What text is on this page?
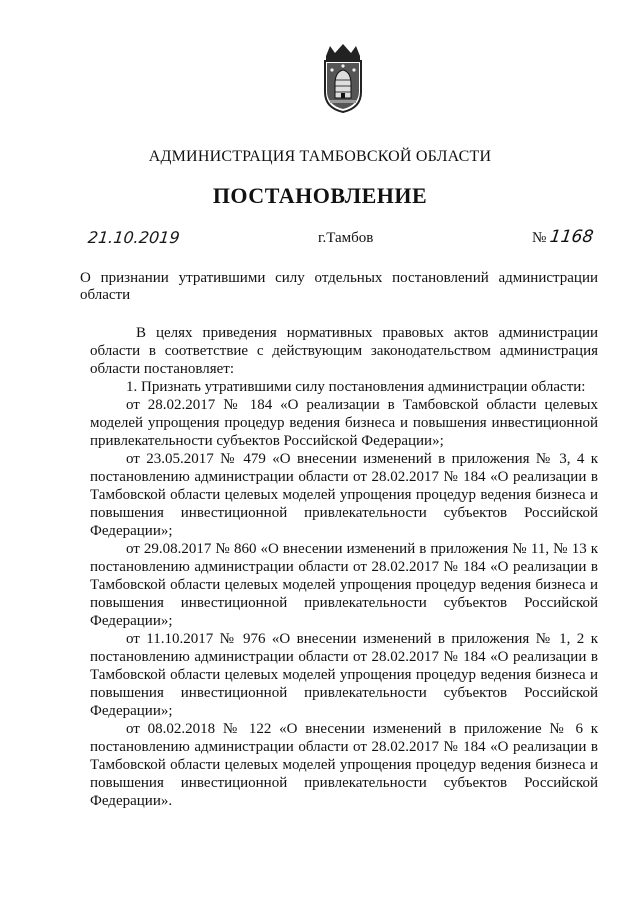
АДМИНИСТРАЦИЯ ТАМБОВСКОЙ ОБЛАСТИ
ПОСТАНОВЛЕНИЕ
21.10.2019	г.Тамбов	№ 1168
О признании утратившими силу отдельных постановлений администрации области

В целях приведения нормативных правовых актов администрации области в соответствие с действующим законодательством администрация области постановляет:

1. Признать утратившими силу постановления администрации области:

от 28.02.2017 № 184 «О реализации в Тамбовской области целевых моделей упрощения процедур ведения бизнеса и повышения инвестиционной привлекательности субъектов Российской Федерации»;

от 23.05.2017 № 479 «О внесении изменений в приложения № 3, 4 к постановлению администрации области от 28.02.2017 № 184 «О реализации в Тамбовской области целевых моделей упрощения процедур ведения бизнеса и повышения инвестиционной привлекательности субъектов Российской Федерации»;

от 29.08.2017 № 860 «О внесении изменений в приложения № 11, № 13 к постановлению администрации области от 28.02.2017 № 184 «О реализации в Тамбовской области целевых моделей упрощения процедур ведения бизнеса и повышения инвестиционной привлекательности субъектов Российской Федерации»;

от 11.10.2017 № 976 «О внесении изменений в приложения № 1, 2 к постановлению администрации области от 28.02.2017 № 184 «О реализации в Тамбовской области целевых моделей упрощения процедур ведения бизнеса и повышения инвестиционной привлекательности субъектов Российской Федерации»;

от 08.02.2018 № 122 «О внесении изменений в приложение № 6 к постановлению администрации области от 28.02.2017 № 184 «О реализации в Тамбовской области целевых моделей упрощения процедур ведения бизнеса и повышения инвестиционной привлекательности субъектов Российской Федерации».
